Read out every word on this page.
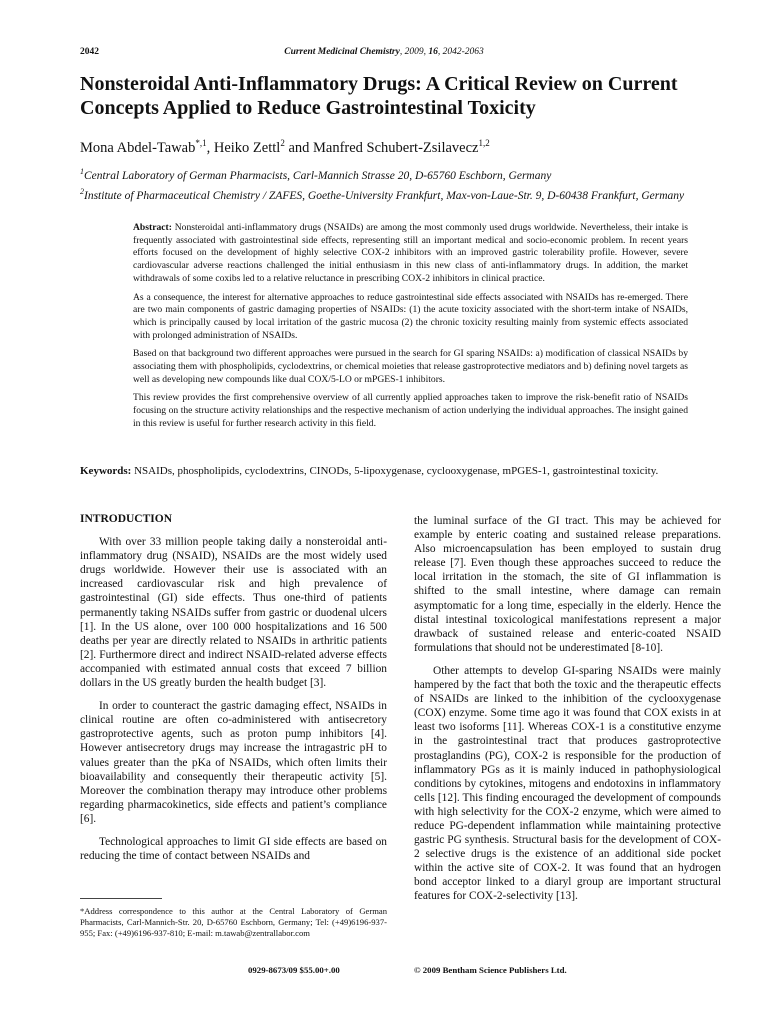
2042	Current Medicinal Chemistry, 2009, 16, 2042-2063
Nonsteroidal Anti-Inflammatory Drugs: A Critical Review on Current Concepts Applied to Reduce Gastrointestinal Toxicity
Mona Abdel-Tawab$^{*,1}$, Heiko Zettl$^2$ and Manfred Schubert-Zsilavecz$^{1,2}$
$^1$Central Laboratory of German Pharmacists, Carl-Mannich Strasse 20, D-65760 Eschborn, Germany
$^2$Institute of Pharmaceutical Chemistry / ZAFES, Goethe-University Frankfurt, Max-von-Laue-Str. 9, D-60438 Frankfurt, Germany

Abstract: Nonsteroidal anti-inflammatory drugs (NSAIDs) are among the most commonly used drugs worldwide. Nevertheless, their intake is frequently associated with gastrointestinal side effects, representing still an important medical and socio-economic problem. In recent years efforts focused on the development of highly selective COX-2 inhibitors with an improved gastric tolerability profile. However, severe cardiovascular adverse reactions challenged the initial enthusiasm in this new class of anti-inflammatory drugs. In addition, the market withdrawals of some coxibs led to a relative reluctance in prescribing COX-2 inhibitors in clinical practice.

As a consequence, the interest for alternative approaches to reduce gastrointestinal side effects associated with NSAIDs has re-emerged. There are two main components of gastric damaging properties of NSAIDs: (1) the acute toxicity associated with the short-term intake of NSAIDs, which is principally caused by local irritation of the gastric mucosa (2) the chronic toxicity resulting mainly from systemic effects associated with prolonged administration of NSAIDs.

Based on that background two different approaches were pursued in the search for GI sparing NSAIDs: a) modification of classical NSAIDs by associating them with phospholipids, cyclodextrins, or chemical moieties that release gastroprotective mediators and b) defining novel targets as well as developing new compounds like dual COX/5-LO or mPGES-1 inhibitors.

This review provides the first comprehensive overview of all currently applied approaches taken to improve the risk-benefit ratio of NSAIDs focusing on the structure activity relationships and the respective mechanism of action underlying the individual approaches. The insight gained in this review is useful for further research activity in this field.

Keywords: NSAIDs, phospholipids, cyclodextrins, CINODs, 5-lipoxygenase, cyclooxygenase, mPGES-1, gastrointestinal toxicity.

INTRODUCTION

With over 33 million people taking daily a nonsteroidal anti-inflammatory drug (NSAID), NSAIDs are the most widely used drugs worldwide. However their use is associated with an increased cardiovascular risk and high prevalence of gastrointestinal (GI) side effects. Thus one-third of patients permanently taking NSAIDs suffer from gastric or duodenal ulcers [1]. In the US alone, over 100 000 hospitalizations and 16 500 deaths per year are directly related to NSAIDs in arthritic patients [2]. Furthermore direct and indirect NSAID-related adverse effects accompanied with estimated annual costs that exceed 7 billion dollars in the US greatly burden the health budget [3].

In order to counteract the gastric damaging effect, NSAIDs in clinical routine are often co-administered with antisecretory gastroprotective agents, such as proton pump inhibitors [4]. However antisecretory drugs may increase the intragastric pH to values greater than the pKa of NSAIDs, which often limits their bioavailability and consequently their therapeutic activity [5]. Moreover the combination therapy may introduce other problems regarding pharmacokinetics, side effects and patient’s compliance [6].

Technological approaches to limit GI side effects are based on reducing the time of contact between NSAIDs and

the luminal surface of the GI tract. This may be achieved for example by enteric coating and sustained release preparations. Also microencapsulation has been employed to sustain drug release [7]. Even though these approaches succeed to reduce the local irritation in the stomach, the site of GI inflammation is shifted to the small intestine, where damage can remain asymptomatic for a long time, especially in the elderly. Hence the distal intestinal toxicological manifestations represent a major drawback of sustained release and enteric-coated NSAID formulations that should not be underestimated [8-10].

Other attempts to develop GI-sparing NSAIDs were mainly hampered by the fact that both the toxic and the therapeutic effects of NSAIDs are linked to the inhibition of the cyclooxygenase (COX) enzyme. Some time ago it was found that COX exists in at least two isoforms [11]. Whereas COX-1 is a constitutive enzyme in the gastrointestinal tract that produces gastroprotective prostaglandins (PG), COX-2 is responsible for the production of inflammatory PGs as it is mainly induced in pathophysiological conditions by cytokines, mitogens and endotoxins in inflammatory cells [12]. This finding encouraged the development of compounds with high selectivity for the COX-2 enzyme, which were aimed to reduce PG-dependent inflammation while maintaining protective gastric PG synthesis. Structural basis for the development of COX-2 selective drugs is the existence of an additional side pocket within the active site of COX-2. It was found that an hydrogen bond acceptor linked to a diaryl group are important structural features for COX-2-selectivity [13].

*Address correspondence to this author at the Central Laboratory of German Pharmacists, Carl-Mannich-Str. 20, D-65760 Eschborn, Germany; Tel: (+49)6196-937-955; Fax: (+49)6196-937-810; E-mail: m.tawab@zentrallabor.com
0929-8673/09 $55.00+.00	© 2009 Bentham Science Publishers Ltd.
